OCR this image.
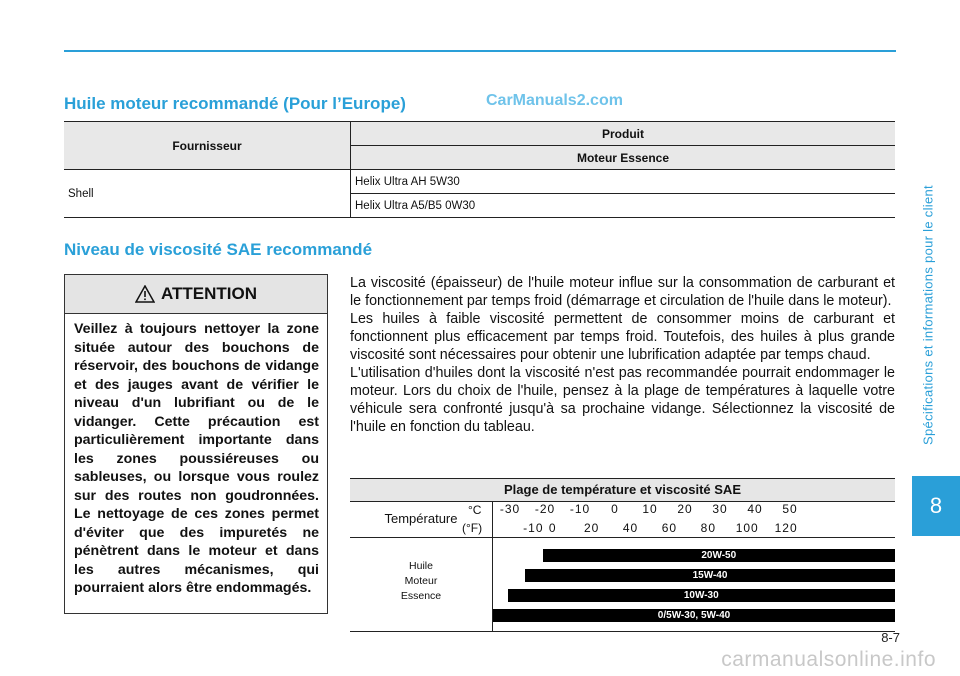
Huile moteur recommandé (Pour l’Europe)	CarManuals2.com
Fournisseur	Produit
	Moteur Essence
Shell	Helix Ultra AH 5W30
	Helix Ultra A5/B5 0W30
Niveau de viscosité SAE recommandé
ATTENTION

Veillez à toujours nettoyer la zone située autour des bouchons de réservoir, des bouchons de vidange et des jauges avant de vérifier le niveau d'un lubrifiant ou de le vidanger. Cette précaution est particulièrement importante dans les zones poussiéreuses ou sableuses, ou lorsque vous roulez sur des routes non goudronnées. Le nettoyage de ces zones permet d'éviter que des impuretés ne pénètrent dans le moteur et dans les autres mécanismes, qui pourraient alors être endommagés.

La viscosité (épaisseur) de l'huile moteur influe sur la consommation de carburant et le fonctionnement par temps froid (démarrage et circulation de l'huile dans le moteur).

Les huiles à faible viscosité permettent de consommer moins de carburant et fonctionnent plus efficacement par temps froid. Toutefois, des huiles à plus grande viscosité sont nécessaires pour obtenir une lubrification adaptée par temps chaud.

L'utilisation d'huiles dont la viscosité n'est pas recommandée pourrait endommager le moteur. Lors du choix de l'huile, pensez à la plage de températures à laquelle votre véhicule sera confronté jusqu'à sa prochaine vidange. Sélectionnez la viscosité de l'huile en fonction du tableau.

Plage de température et viscosité SAE
Température
°C
(°F)
Huile
Moteur
Essence
-30 -20 -10 0 10 20 30 40 50
-10 0 20 40 60 80 100 120
20W-50
15W-40
10W-30
0/5W-30, 5W-40
Spécifications et informations pour le client
8
8-7
carmanualsonline.info
